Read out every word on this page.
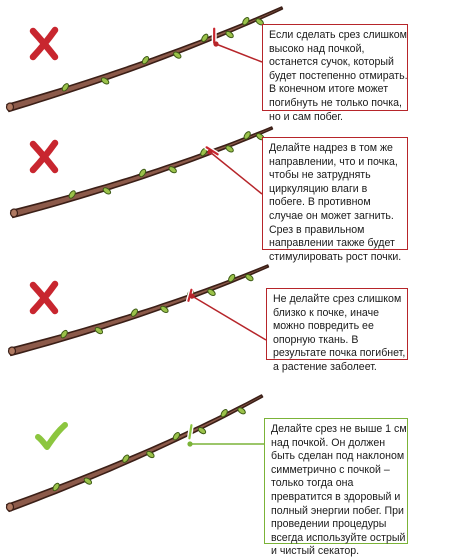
Если сделать срез слишком
высоко над почкой,
останется сучок, который
будет постепенно отмирать.
В конечном итоге может
погибнуть не только почка,
но и сам побег.
Делайте надрез в том же
направлении, что и почка,
чтобы не затруднять
циркуляцию влаги в
побеге. В противном
случае он может загнить.
Срез в правильном
направлении также будет
стимулировать рост почки.
Не делайте срез слишком
близко к почке, иначе
можно повредить ее
опорную ткань. В
результате почка погибнет,
а растение заболеет.
Делайте срез не выше 1 см
над почкой. Он должен
быть сделан под наклоном
симметрично с почкой –
только тогда она
превратится в здоровый и
полный энергии побег. При
проведении процедуры
всегда используйте острый
и чистый секатор.
